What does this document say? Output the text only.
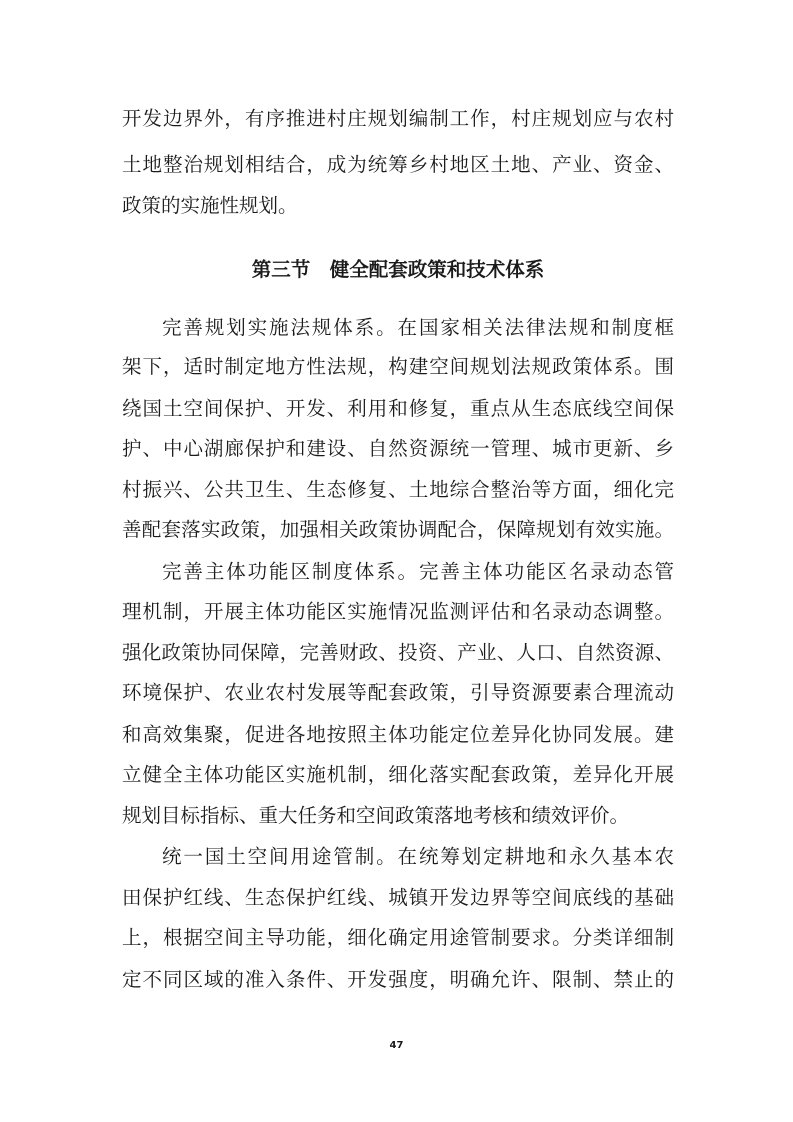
开发边界外，有序推进村庄规划编制工作，村庄规划应与农村
土地整治规划相结合，成为统筹乡村地区土地、产业、资金、
政策的实施性规划。
第三节　健全配套政策和技术体系
完善规划实施法规体系。在国家相关法律法规和制度框
架下，适时制定地方性法规，构建空间规划法规政策体系。围
绕国土空间保护、开发、利用和修复，重点从生态底线空间保
护、中心湖廊保护和建设、自然资源统一管理、城市更新、乡
村振兴、公共卫生、生态修复、土地综合整治等方面，细化完
善配套落实政策，加强相关政策协调配合，保障规划有效实施。
完善主体功能区制度体系。完善主体功能区名录动态管
理机制，开展主体功能区实施情况监测评估和名录动态调整。
强化政策协同保障，完善财政、投资、产业、人口、自然资源、
环境保护、农业农村发展等配套政策，引导资源要素合理流动
和高效集聚，促进各地按照主体功能定位差异化协同发展。建
立健全主体功能区实施机制，细化落实配套政策，差异化开展
规划目标指标、重大任务和空间政策落地考核和绩效评价。
统一国土空间用途管制。在统筹划定耕地和永久基本农
田保护红线、生态保护红线、城镇开发边界等空间底线的基础
上，根据空间主导功能，细化确定用途管制要求。分类详细制
定不同区域的准入条件、开发强度，明确允许、限制、禁止的
47
